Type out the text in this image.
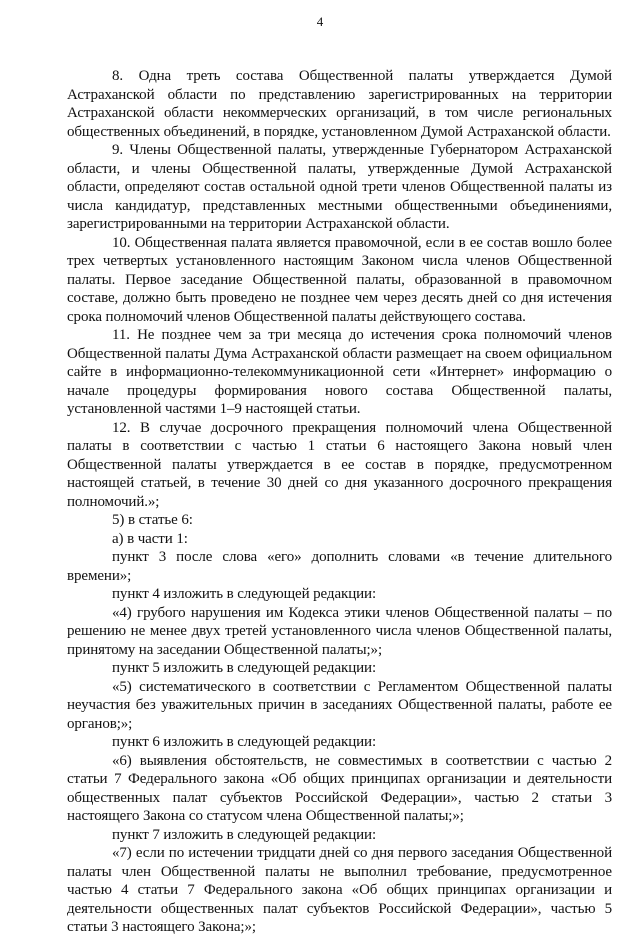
4

8. Одна треть состава Общественной палаты утверждается Думой Астраханской области по представлению зарегистрированных на территории Астраханской области некоммерческих организаций, в том числе региональных общественных объединений, в порядке, установленном Думой Астраханской области.

9. Члены Общественной палаты, утвержденные Губернатором Астраханской области, и члены Общественной палаты, утвержденные Думой Астраханской области, определяют состав остальной одной трети членов Общественной палаты из числа кандидатур, представленных местными общественными объединениями, зарегистрированными на территории Астраханской области.

10. Общественная палата является правомочной, если в ее состав вошло более трех четвертых установленного настоящим Законом числа членов Общественной палаты. Первое заседание Общественной палаты, образованной в правомочном составе, должно быть проведено не позднее чем через десять дней со дня истечения срока полномочий членов Общественной палаты действующего состава.

11. Не позднее чем за три месяца до истечения срока полномочий членов Общественной палаты Дума Астраханской области размещает на своем официальном сайте в информационно-телекоммуникационной сети «Интернет» информацию о начале процедуры формирования нового состава Общественной палаты, установленной частями 1–9 настоящей статьи.

12. В случае досрочного прекращения полномочий члена Общественной палаты в соответствии с частью 1 статьи 6 настоящего Закона новый член Общественной палаты утверждается в ее состав в порядке, предусмотренном настоящей статьей, в течение 30 дней со дня указанного досрочного прекращения полномочий.»;

5) в статье 6:

а) в части 1:

пункт 3 после слова «его» дополнить словами «в течение длительного времени»;

пункт 4 изложить в следующей редакции:

«4) грубого нарушения им Кодекса этики членов Общественной палаты – по решению не менее двух третей установленного числа членов Общественной палаты, принятому на заседании Общественной палаты;»;

пункт 5 изложить в следующей редакции:

«5) систематического в соответствии с Регламентом Общественной палаты неучастия без уважительных причин в заседаниях Общественной палаты, работе ее органов;»;

пункт 6 изложить в следующей редакции:

«6) выявления обстоятельств, не совместимых в соответствии с частью 2 статьи 7 Федерального закона «Об общих принципах организации и деятельности общественных палат субъектов Российской Федерации», частью 2 статьи 3 настоящего Закона со статусом члена Общественной палаты;»;

пункт 7 изложить в следующей редакции:

«7) если по истечении тридцати дней со дня первого заседания Общественной палаты член Общественной палаты не выполнил требование, предусмотренное частью 4 статьи 7 Федерального закона «Об общих принципах организации и деятельности общественных палат субъектов Российской Федерации», частью 5 статьи 3 настоящего Закона;»;
